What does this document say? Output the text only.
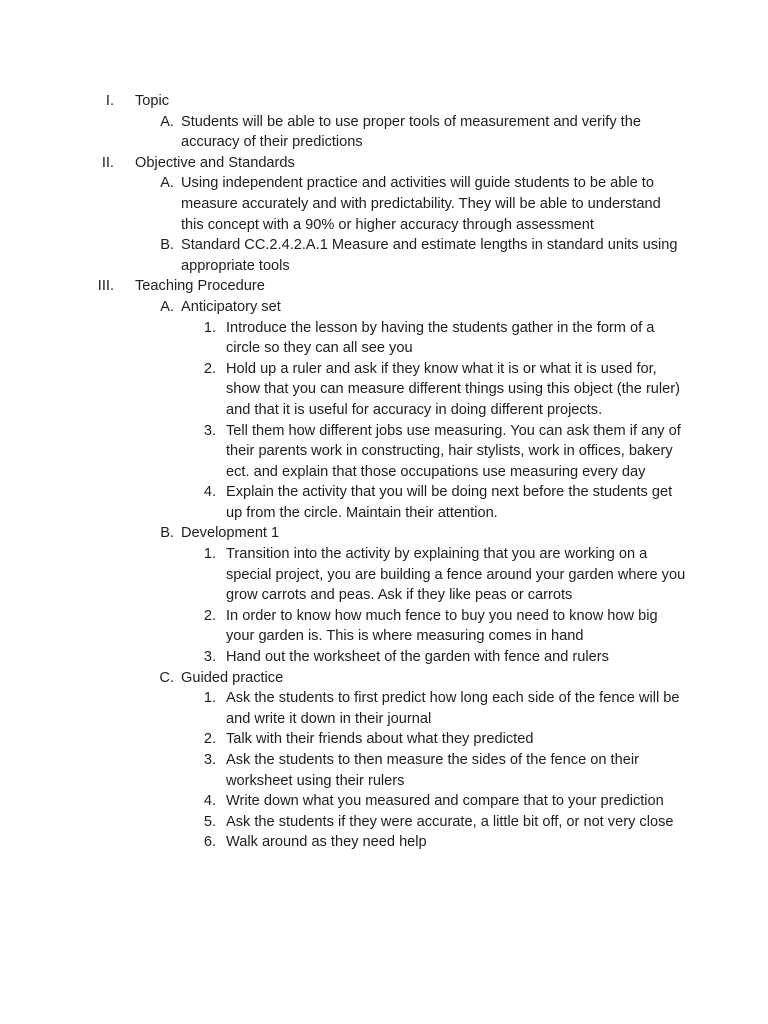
I. Topic
A. Students will be able to use proper tools of measurement and verify the accuracy of their predictions
II. Objective and Standards
A. Using independent practice and activities will guide students to be able to measure accurately and with predictability. They will be able to understand this concept with a 90% or higher accuracy through assessment
B. Standard CC.2.4.2.A.1 Measure and estimate lengths in standard units using appropriate tools
III. Teaching Procedure
A. Anticipatory set
1. Introduce the lesson by having the students gather in the form of a circle so they can all see you
2. Hold up a ruler and ask if they know what it is or what it is used for, show that you can measure different things using this object (the ruler) and that it is useful for accuracy in doing different projects.
3. Tell them how different jobs use measuring. You can ask them if any of their parents work in constructing, hair stylists, work in offices, bakery ect. and explain that those occupations use measuring every day
4. Explain the activity that you will be doing next before the students get up from the circle. Maintain their attention.
B. Development 1
1. Transition into the activity by explaining that you are working on a special project, you are building a fence around your garden where you grow carrots and peas. Ask if they like peas or carrots
2. In order to know how much fence to buy you need to know how big your garden is. This is where measuring comes in hand
3. Hand out the worksheet of the garden with fence and rulers
C. Guided practice
1. Ask the students to first predict how long each side of the fence will be and write it down in their journal
2. Talk with their friends about what they predicted
3. Ask the students to then measure the sides of the fence on their worksheet using their rulers
4. Write down what you measured and compare that to your prediction
5. Ask the students if they were accurate, a little bit off, or not very close
6. Walk around as they need help
